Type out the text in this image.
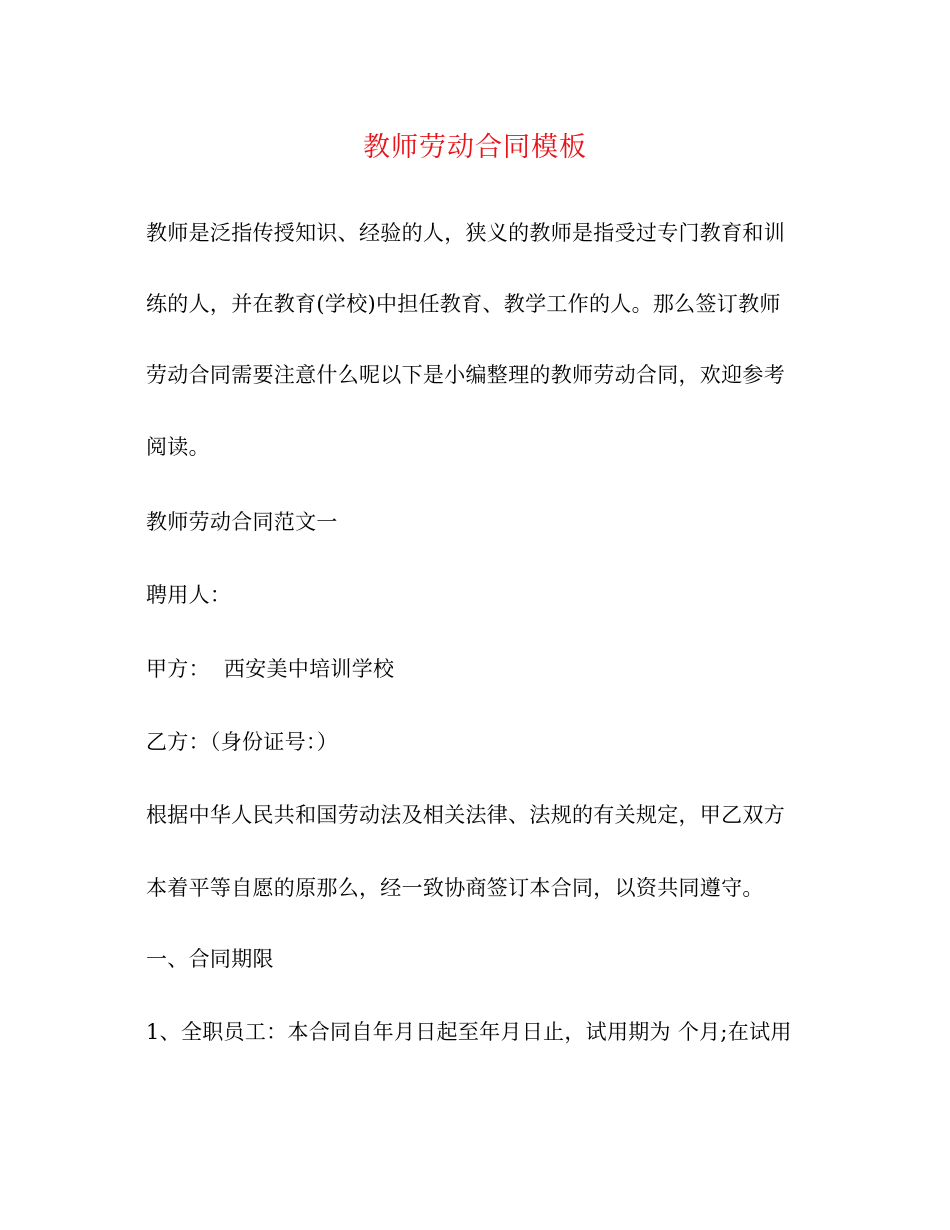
教师劳动合同模板
教师是泛指传授知识、经验的人，狭义的教师是指受过专门教育和训
练的人，并在教育(学校)中担任教育、教学工作的人。那么签订教师
劳动合同需要注意什么呢以下是小编整理的教师劳动合同，欢迎参考
阅读。
教师劳动合同范文一
聘用人：
甲方： 西安美中培训学校
乙方：（身份证号：）
根据中华人民共和国劳动法及相关法律、法规的有关规定，甲乙双方
本着平等自愿的原那么，经一致协商签订本合同，以资共同遵守。
一、合同期限
1、全职员工：本合同自年月日起至年月日止，试用期为 个月;在试用
